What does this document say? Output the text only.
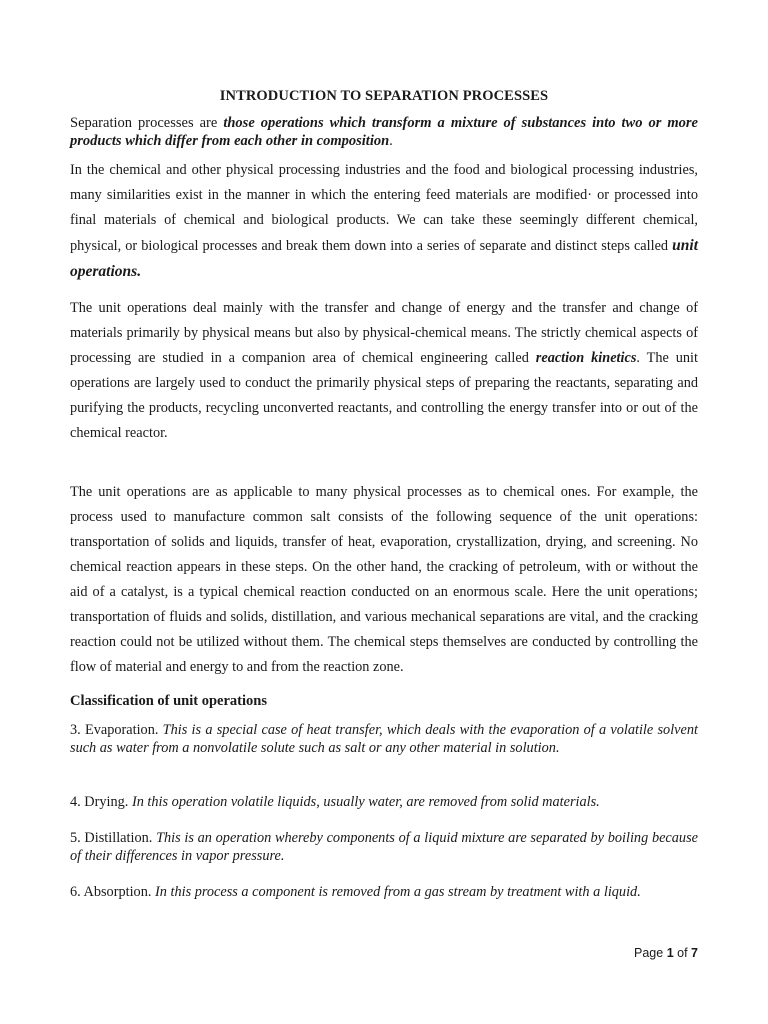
INTRODUCTION TO SEPARATION PROCESSES
Separation processes are those operations which transform a mixture of substances into two or more products which differ from each other in composition.
In the chemical and other physical processing industries and the food and biological processing industries, many similarities exist in the manner in which the entering feed materials are modified· or processed into final materials of chemical and biological products. We can take these seemingly different chemical, physical, or biological processes and break them down into a series of separate and distinct steps called unit operations.
The unit operations deal mainly with the transfer and change of energy and the transfer and change of materials primarily by physical means but also by physical-chemical means. The strictly chemical aspects of processing are studied in a companion area of chemical engineering called reaction kinetics. The unit operations are largely used to conduct the primarily physical steps of preparing the reactants, separating and purifying the products, recycling unconverted reactants, and controlling the energy transfer into or out of the chemical reactor.
The unit operations are as applicable to many physical processes as to chemical ones. For example, the process used to manufacture common salt consists of the following sequence of the unit operations: transportation of solids and liquids, transfer of heat, evaporation, crystallization, drying, and screening. No chemical reaction appears in these steps. On the other hand, the cracking of petroleum, with or without the aid of a catalyst, is a typical chemical reaction conducted on an enormous scale. Here the unit operations; transportation of fluids and solids, distillation, and various mechanical separations are vital, and the cracking reaction could not be utilized without them. The chemical steps themselves are conducted by controlling the flow of material and energy to and from the reaction zone.
Classification of unit operations
3. Evaporation. This is a special case of heat transfer, which deals with the evaporation of a volatile solvent such as water from a nonvolatile solute such as salt or any other material in solution.
4. Drying. In this operation volatile liquids, usually water, are removed from solid materials.
5. Distillation. This is an operation whereby components of a liquid mixture are separated by boiling because of their differences in vapor pressure.
6. Absorption. In this process a component is removed from a gas stream by treatment with a liquid.
Page 1 of 7
